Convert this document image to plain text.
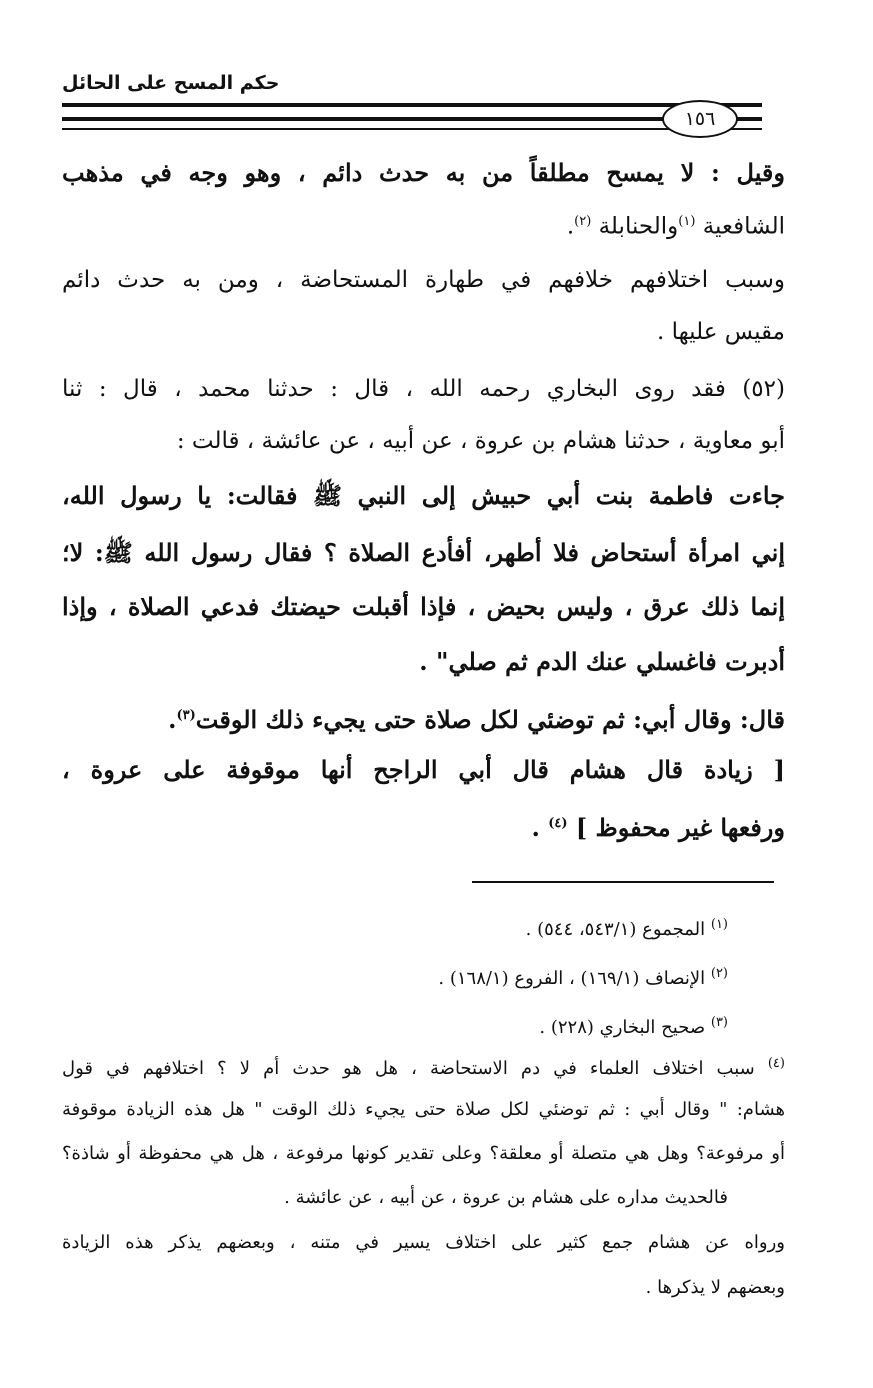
حكم المسح على الحائل
١٥٦
وقيل : لا يمسح مطلقاً من به حدث دائم ، وهو وجه في مذهب
الشافعية $^{(١)}$والحنابلة $^{(٢)}$.
وسبب اختلافهم خلافهم في طهارة المستحاضة ، ومن به حدث دائم
مقيس عليها .
(٥٢) فقد روى البخاري رحمه الله ، قال : حدثنا محمد ، قال : ثنا
أبو معاوية ، حدثنا هشام بن عروة ، عن أبيه ، عن عائشة ، قالت :
جاءت فاطمة بنت أبي حبيش إلى النبي ﷺ فقالت: يا رسول الله،
إني امرأة أستحاض فلا أطهر، أفأدع الصلاة ؟ فقال رسول الله ﷺ: لا؛
إنما ذلك عرق ، وليس بحيض ، فإذا أقبلت حيضتك فدعي الصلاة ، وإذا
أدبرت فاغسلي عنك الدم ثم صلي" .
قال: وقال أبي: ثم توضئي لكل صلاة حتى يجيء ذلك الوقت$^{(٣)}$.
[ زيادة قال هشام قال أبي الراجح أنها موقوفة على عروة ،
ورفعها غير محفوظ ] $^{(٤)}$ .
$^{(١)}$ المجموع (٥٤٣/١، ٥٤٤) .
$^{(٢)}$ الإنصاف (١٦٩/١) ، الفروع (١٦٨/١) .
$^{(٣)}$ صحيح البخاري (٢٢٨) .
$^{(٤)}$ سبب اختلاف العلماء في دم الاستحاضة ، هل هو حدث أم لا ؟ اختلافهم في قول
هشام: " وقال أبي : ثم توضئي لكل صلاة حتى يجيء ذلك الوقت " هل هذه الزيادة موقوفة
أو مرفوعة؟ وهل هي متصلة أو معلقة؟ وعلى تقدير كونها مرفوعة ، هل هي محفوظة أو شاذة؟
فالحديث مداره على هشام بن عروة ، عن أبيه ، عن عائشة .
ورواه عن هشام جمع كثير على اختلاف يسير في متنه ، وبعضهم يذكر هذه الزيادة
وبعضهم لا يذكرها .
